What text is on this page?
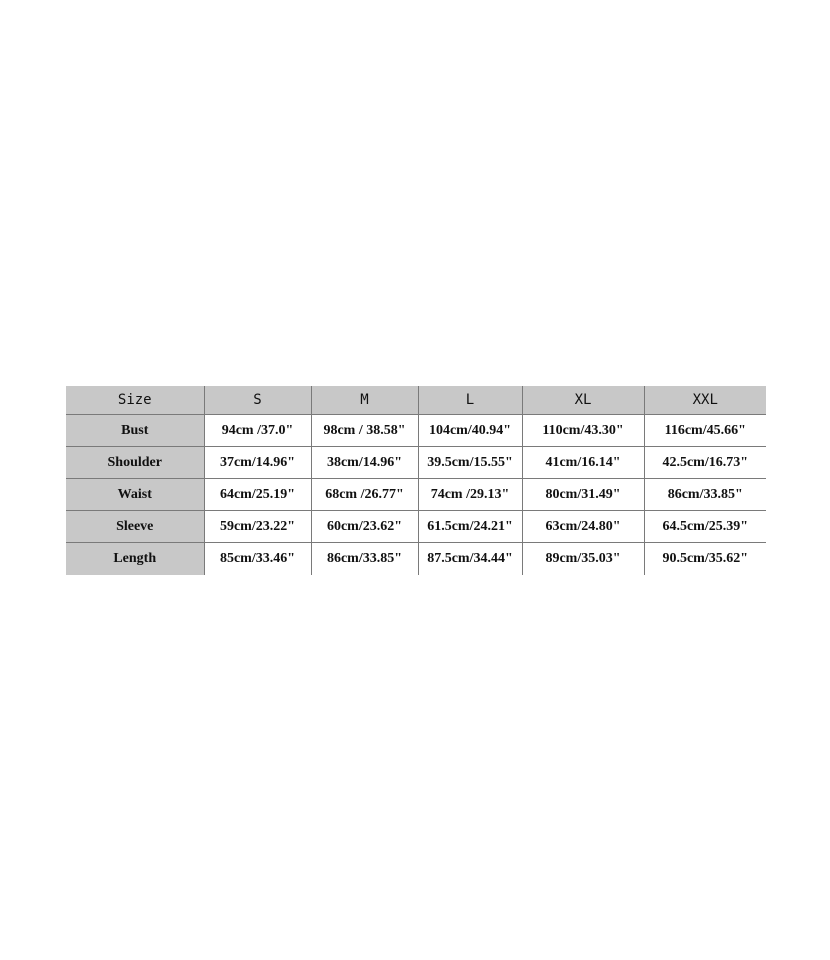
Size	S	M	L	XL	XXL
Bust	94cm /37.0"	98cm / 38.58"	104cm/40.94"	110cm/43.30"	116cm/45.66"
Shoulder	37cm/14.96"	38cm/14.96"	39.5cm/15.55"	41cm/16.14"	42.5cm/16.73"
Waist	64cm/25.19"	68cm /26.77"	74cm /29.13"	80cm/31.49"	86cm/33.85"
Sleeve	59cm/23.22"	60cm/23.62"	61.5cm/24.21"	63cm/24.80"	64.5cm/25.39"
Length	85cm/33.46"	86cm/33.85"	87.5cm/34.44"	89cm/35.03"	90.5cm/35.62"
